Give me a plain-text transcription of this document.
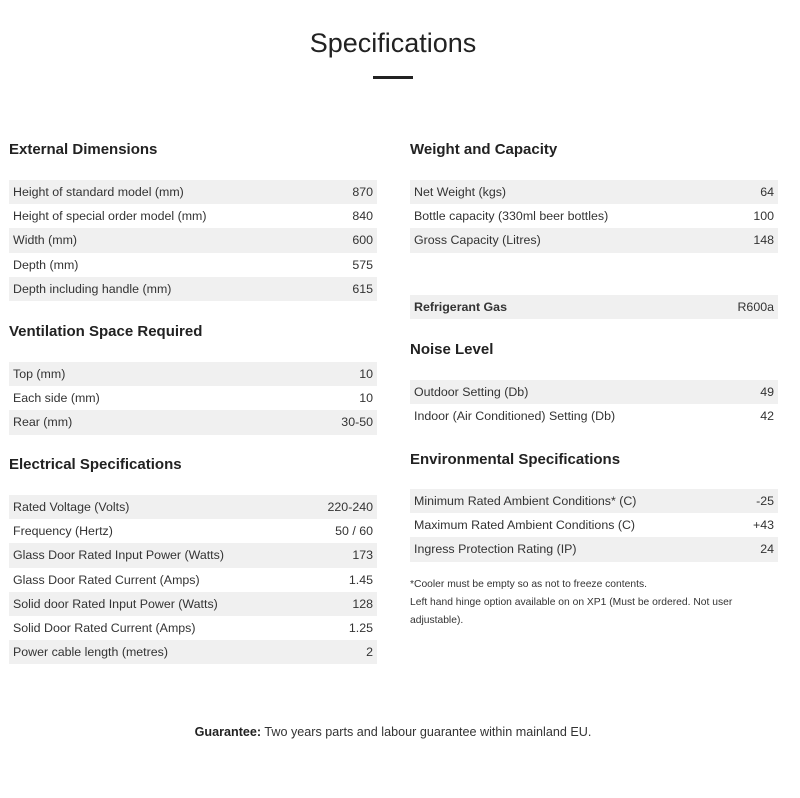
Specifications
External Dimensions
Height of standard model (mm)	870
Height of special order model (mm)	840
Width (mm)	600
Depth (mm)	575
Depth including handle (mm)	615
Ventilation Space Required
Top (mm)	10
Each side (mm)	10
Rear (mm)	30-50
Electrical Specifications
Rated Voltage (Volts)	220-240
Frequency (Hertz)	50 / 60
Glass Door Rated Input Power (Watts)	173
Glass Door Rated Current (Amps)	1.45
Solid door Rated Input Power (Watts)	128
Solid Door Rated Current (Amps)	1.25
Power cable length (metres)	2
Weight and Capacity
Net Weight (kgs)	64
Bottle capacity (330ml beer bottles)	100
Gross Capacity (Litres)	148
Refrigerant Gas	R600a
Noise Level
Outdoor Setting (Db)	49
Indoor (Air Conditioned) Setting (Db)	42
Environmental Specifications
Minimum Rated Ambient Conditions* (C)	-25
Maximum Rated Ambient Conditions (C)	+43
Ingress Protection Rating (IP)	24
*Cooler must be empty so as not to freeze contents.
Left hand hinge option available on on XP1 (Must be ordered. Not user adjustable).
Guarantee: Two years parts and labour guarantee within mainland EU.
